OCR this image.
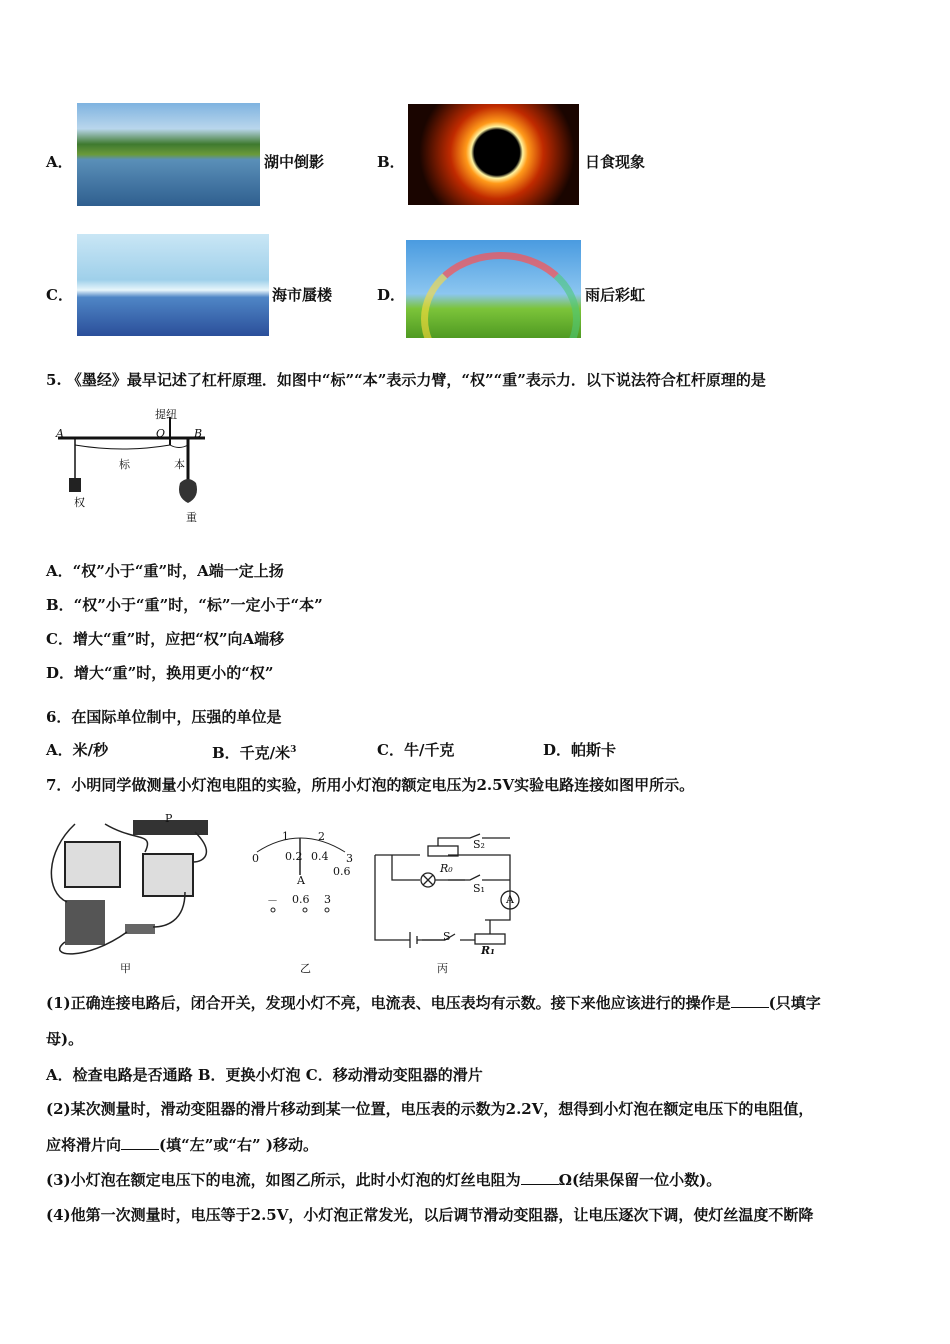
A．	湖中倒影	B．	日食现象
C．	海市蜃楼	D．	雨后彩虹
5. 《墨经》最早记述了杠杆原理．如图中“标”“本”表示力臂，“权”“重”表示力．以下说法符合杠杆原理的是
提纽
A	O	B
标	本
权
重
A．“权”小于“重”时，A端一定上扬
B．“权”小于“重”时，“标”一定小于“本”
C．增大“重”时，应把“权”向A端移
D．增大“重”时，换用更小的“权”
6．在国际单位制中，压强的单位是
A．米/秒	B．千克/米$^3$	C．牛/千克	D．帕斯卡
7．小明同学做测量小灯泡电阻的实验，所用小灯泡的额定电压为2.5V实验电路连接如图甲所示。
P
1	2
3
0 0.2 0.4
0.6
A
－ 0.6 3
S₂
R₀
S₁
A
S
R₁
甲	乙	丙
(1)正确连接电路后，闭合开关，发现小灯不亮，电流表、电压表均有示数。接下来他应该进行的操作是	(只填字
母)。
A．检查电路是否通路 B．更换小灯泡 C．移动滑动变阻器的滑片
(2)某次测量时，滑动变阻器的滑片移动到某一位置，电压表的示数为2.2V，想得到小灯泡在额定电压下的电阻值，
应将滑片向	(填“左”或“右” )移动。
(3)小灯泡在额定电压下的电流，如图乙所示，此时小灯泡的灯丝电阻为	Ω(结果保留一位小数)。
(4)他第一次测量时，电压等于2.5V，小灯泡正常发光，以后调节滑动变阻器，让电压逐次下调，使灯丝温度不断降
